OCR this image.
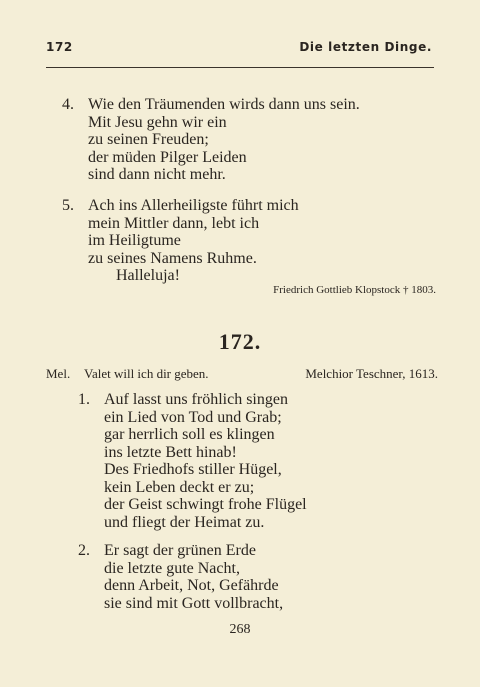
172	Die letzten Dinge.
4. Wie den Träumenden wirds dann uns sein.
Mit Jesu gehn wir ein
zu seinen Freuden;
der müden Pilger Leiden
sind dann nicht mehr.
5. Ach ins Allerheiligste führt mich
mein Mittler dann, lebt ich
im Heiligtume
zu seines Namens Ruhme.
Halleluja!
Friedrich Gottlieb Klopstock † 1803.
172.
Mel. Valet will ich dir geben.	Melchior Teschner, 1613.
1. Auf lasst uns fröhlich singen
ein Lied von Tod und Grab;
gar herrlich soll es klingen
ins letzte Bett hinab!
Des Friedhofs stiller Hügel,
kein Leben deckt er zu;
der Geist schwingt frohe Flügel
und fliegt der Heimat zu.
2. Er sagt der grünen Erde
die letzte gute Nacht,
denn Arbeit, Not, Gefährde
sie sind mit Gott vollbracht,
268
